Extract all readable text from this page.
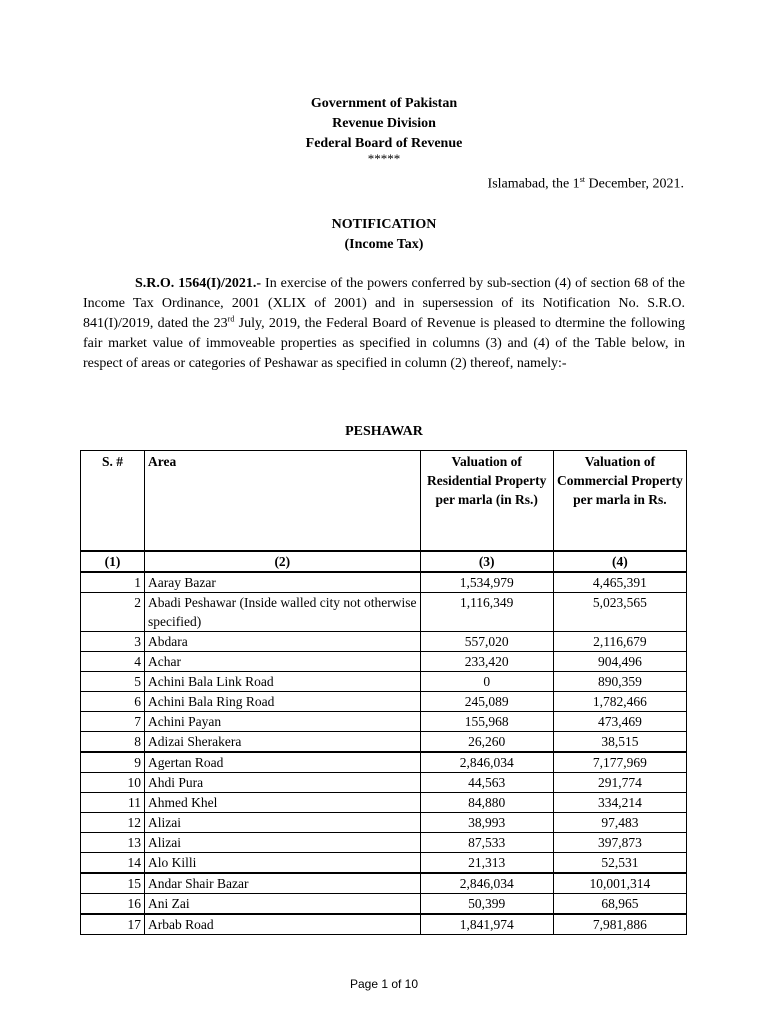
Government of Pakistan
Revenue Division
Federal Board of Revenue
*****
Islamabad, the 1st December, 2021.
NOTIFICATION
(Income Tax)
S.R.O. 1564(I)/2021.- In exercise of the powers conferred by sub-section (4) of section 68 of the Income Tax Ordinance, 2001 (XLIX of 2001) and in supersession of its Notification No. S.R.O. 841(I)/2019, dated the 23rd July, 2019, the Federal Board of Revenue is pleased to dtermine the following fair market value of immoveable properties as specified in columns (3) and (4) of the Table below, in respect of areas or categories of Peshawar as specified in column (2) thereof, namely:-
PESHAWAR
S. #	Area	Valuation of Residential Property per marla (in Rs.)	Valuation of Commercial Property per marla in Rs.
(1)	(2)	(3)	(4)
1	Aaray Bazar	1,534,979	4,465,391
2	Abadi Peshawar (Inside walled city not otherwise specified)	1,116,349	5,023,565
3	Abdara	557,020	2,116,679
4	Achar	233,420	904,496
5	Achini Bala Link Road	0	890,359
6	Achini Bala Ring Road	245,089	1,782,466
7	Achini Payan	155,968	473,469
8	Adizai Sherakera	26,260	38,515
9	Agertan Road	2,846,034	7,177,969
10	Ahdi Pura	44,563	291,774
11	Ahmed Khel	84,880	334,214
12	Alizai	38,993	97,483
13	Alizai	87,533	397,873
14	Alo Killi	21,313	52,531
15	Andar Shair Bazar	2,846,034	10,001,314
16	Ani Zai	50,399	68,965
17	Arbab Road	1,841,974	7,981,886
Page 1 of 10
